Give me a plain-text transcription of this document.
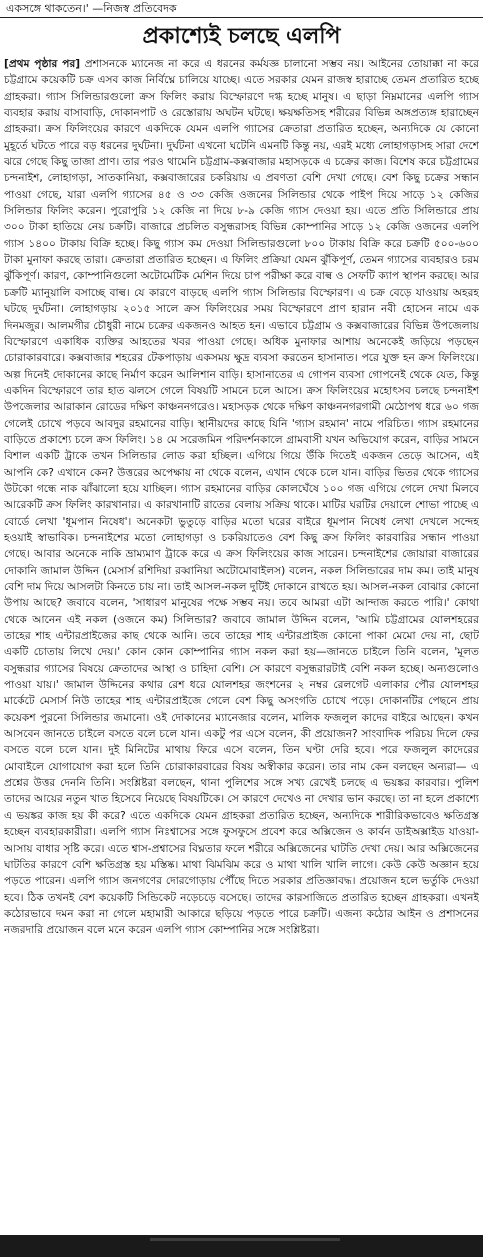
একসঙ্গে থাকতেন।' —নিজস্ব প্রতিবেদক
প্রকাশ্যেই চলছে এলপি

[প্রথম পৃষ্ঠার পর] প্রশাসনকে ম্যানেজ না করে এ ধরনের কর্মযজ্ঞ চালানো সম্ভব নয়। আইনের তোয়াক্কা না করে চট্টগ্রামে কয়েকটি চক্র এসব কাজ নির্বিঘ্নে চালিয়ে যাচ্ছে। এতে সরকার যেমন রাজস্ব হারাচ্ছে তেমন প্রতারিত হচ্ছে গ্রাহকরা। গ্যাস সিলিন্ডারগুলো ক্রস ফিলিং করায় বিস্ফোরণে দগ্ধ হচ্ছে মানুষ। এ ছাড়া নিম্নমানের এলপি গ্যাস ব্যবহার করায় বাসাবাড়ি, দোকানপাট ও রেস্তোরায় অঘটন ঘটছে। ক্ষয়ক্ষতিসহ শরীরের বিভিন্ন অঙ্গপ্রত্যঙ্গ হারাচ্ছেন গ্রাহকরা। ক্রস ফিলিংয়ের কারণে একদিকে যেমন এলপি গ্যাসের ক্রেতারা প্রতারিত হচ্ছেন, অন্যদিকে যে কোনো মুহূর্তে ঘটতে পারে বড় ধরনের দুর্ঘটনা। দুর্ঘটনা এখনো ঘটেনি এমনটি কিন্তু নয়, এরই মধ্যে লোহাগড়াসহ সারা দেশে ঝরে গেছে কিছু তাজা প্রাণ। তার পরও থামেনি চট্টগ্রাম-কক্সবাজার মহাসড়কে এ চক্রের কাজ। বিশেষ করে চট্টগ্রামের চন্দনাইশ, লোহাগড়া, সাতকানিয়া, কক্সবাজারের চকরিয়ায় এ প্রবণতা বেশি দেখা গেছে। বেশ কিছু চক্রের সন্ধান পাওয়া গেছে, যারা এলপি গ্যাসের ৪৫ ও ৩৩ কেজি ওজনের সিলিন্ডার থেকে পাইপ দিয়ে সাড়ে ১২ কেজির সিলিন্ডার ফিলিং করেন। পুরোপুরি ১২ কেজি না দিয়ে ৮-৯ কেজি গ্যাস দেওয়া হয়। এতে প্রতি সিলিন্ডারে প্রায় ৩০০ টাকা হাতিয়ে নেয় চক্রটি। বাজারে প্রচলিত বসুন্ধরাসহ বিভিন্ন কোম্পানির সাড়ে ১২ কেজি ওজনের এলপি গ্যাস ১৪০০ টাকায় বিক্রি হচ্ছে। কিছু গ্যাস কম দেওয়া সিলিন্ডারগুলো ৮০০ টাকায় বিক্রি করে চক্রটি ৫০০-৬০০ টাকা মুনাফা করছে তারা। ক্রেতারা প্রতারিত হচ্ছেন। এ ফিলিং প্রক্রিয়া যেমন ঝুঁকিপূর্ণ, তেমন গ্যাসের ব্যবহারও চরম ঝুঁকিপূর্ণ। কারণ, কোম্পানিগুলো অটোমেটিক মেশিন দিয়ে চাপ পরীক্ষা করে বাল্ব ও সেফটি ক্যাপ স্থাপন করছে। আর চক্রটি ম্যানুয়ালি বসাচ্ছে বাল্ব। যে কারণে বাড়ছে এলপি গ্যাস সিলিন্ডার বিস্ফোরণ। এ চক্র বেড়ে যাওয়ায় অহরহ ঘটছে দুর্ঘটনা। লোহাগড়ায় ২০১৫ সালে ক্রস ফিলিংয়ের সময় বিস্ফোরণে প্রাণ হারান নবী হোসেন নামে এক দিনমজুর। আলমগীর চৌধুরী নামে চক্রের একজনও আহত হন। এভাবে চট্টগ্রাম ও কক্সবাজারের বিভিন্ন উপজেলায় বিস্ফোরণে একাধিক ব্যক্তির আহতের খবর পাওয়া গেছে। অধিক মুনাফার আশায় অনেকেই জড়িয়ে পড়ছেন চোরাকারবারে। কক্সবাজার শহরের টেকপাড়ায় একসময় ক্ষুদ্র ব্যবসা করতেন হাসানাত। পরে যুক্ত হন ক্রস ফিলিংয়ে। অল্প দিনেই দোকানের কাছে নির্মাণ করেন আলিশান বাড়ি। হাসানাতের এ গোপন ব্যবসা গোপনেই থেকে যেত, কিন্তু একদিন বিস্ফোরণে তার হাত ঝলসে গেলে বিষয়টি সামনে চলে আসে। ক্রস ফিলিংয়ের মহোৎসব চলছে চন্দনাইশ উপজেলার আরাকান রোডের দক্ষিণ কাঞ্চননগরেও। মহাসড়ক থেকে দক্ষিণ কাঞ্চননগরগামী মেঠোপথ ধরে ৬০ গজ গেলেই চোখে পড়বে আবদুর রহমানের বাড়ি। স্থানীয়দের কাছে যিনি 'গ্যাস রহমান' নামে পরিচিত। গ্যাস রহমানের বাড়িতে প্রকাশ্যে চলে ক্রস ফিলিং। ১৪ মে সরেজমিন পরিদর্শনকালে গ্রামবাসী যখন অভিযোগ করেন, বাড়ির সামনে বিশাল একটি ট্রাকে তখন সিলিন্ডার লোড করা হচ্ছিল। এগিয়ে গিয়ে উঁকি দিতেই একজন তেড়ে আসেন, এই আপনি কে? এখানে কেন? উত্তরের অপেক্ষায় না থেকে বলেন, এখান থেকে চলে যান। বাড়ির ভিতর থেকে গ্যাসের উটকো গন্ধে নাক ঝাঁঝালো হয়ে যাচ্ছিল। গ্যাস রহমানের বাড়ির কোলঘেঁষে ১০০ গজ এগিয়ে গেলে দেখা মিলবে আরেকটি ক্রস ফিলিং কারখানার। এ কারখানাটি রাতের বেলায় সক্রিয় থাকে। মাটির ঘরটির দেয়ালে শোভা পাচ্ছে এ বোর্ডে লেখা 'ধূমপান নিষেধ'। অনেকটা ভুতুড়ে বাড়ির মতো ঘরের বাইরে ধূমপান নিষেধ লেখা দেখলে সন্দেহ হওয়াই স্বাভাবিক। চন্দনাইশের মতো লোহাগড়া ও চকরিয়াতেও বেশ কিছু ক্রস ফিলিং কারবারির সন্ধান পাওয়া গেছে। আবার অনেকে নাকি ভ্রাম্যমাণ ট্রাকে করে এ ক্রস ফিলিংয়ের কাজ সারেন। চন্দনাইশের জোয়ারা বাজারের দোকানি জামাল উদ্দিন (মেসার্স রশিদিয়া রব্বানিয়া অটোমোবাইলস) বলেন, নকল সিলিন্ডারের দাম কম। তাই মানুষ বেশি দাম দিয়ে আসলটা কিনতে চায় না। তাই আসল-নকল দুটিই দোকানে রাখতে হয়। আসল-নকল বোঝার কোনো উপায় আছে? জবাবে বলেন, 'সাধারণ মানুষের পক্ষে সম্ভব নয়। তবে আমরা এটা আন্দাজ করতে পারি।' কোথা থেকে আনেন এই নকল (ওজনে কম) সিলিন্ডার? জবাবে জামাল উদ্দিন বলেন, 'আমি চট্টগ্রামের যোলশহরের তাহের শাহ এন্টারপ্রাইজের কাছ থেকে আনি। তবে তাহের শাহ এন্টারপ্রাইজ কোনো পাকা মেমো দেয় না, ছোট একটি চোতায় লিখে দেয়।' কোন কোন কোম্পানির গ্যাস নকল করা হয়—জানতে চাইলে তিনি বলেন, 'মূলত বসুন্ধরার গ্যাসের বিষয়ে ক্রেতাদের আস্থা ও চাহিদা বেশি। সে কারণে বসুন্ধরারটাই বেশি নকল হচ্ছে। অন্যগুলোও পাওয়া যায়।' জামাল উদ্দিনের কথার রেশ ধরে যোলশহর জংশনের ২ নম্বর রেলগেট এলাকার পৌর যোলশহর মার্কেটে মেসার্স নিউ তাহের শাহ এন্টারপ্রাইজে গেলে বেশ কিছু অসংগতি চোখে পড়ে। দোকানটির পেছনে প্রায় কয়েকশ পুরনো সিলিন্ডার জমানো। ওই দোকানের ম্যানেজার বলেন, মালিক ফজলুল কাদের বাইরে আছেন। কখন আসবেন জানতে চাইলে বসতে বলে চলে যান। একটু পর এসে বলেন, কী প্রয়োজন? সাংবাদিক পরিচয় দিলে ফের বসতে বলে চলে যান। দুই মিনিটের মাথায় ফিরে এসে বলেন, তিন ঘণ্টা দেরি হবে। পরে ফজলুল কাদেরের মোবাইলে যোগাযোগ করা হলে তিনি চোরাকারবারের বিষয় অস্বীকার করেন। তার নাম কেন বলছেন অন্যরা— এ প্রশ্নের উত্তর দেননি তিনি। সংশ্লিষ্টরা বলছেন, থানা পুলিশের সঙ্গে সখ্য রেখেই চলছে এ ভয়ঙ্কর কারবার। পুলিশ তাদের আয়ের নতুন খাত হিসেবে নিয়েছে বিষয়টিকে। সে কারণে দেখেও না দেখার ভান করছে। তা না হলে প্রকাশ্যে এ ভয়ঙ্কর কাজ হয় কী করে? এতে একদিকে যেমন গ্রাহকরা প্রতারিত হচ্ছেন, অন্যদিকে শারীরিকভাবেও ক্ষতিগ্রস্ত হচ্ছেন ব্যবহারকারীরা। এলপি গ্যাস নিঃশ্বাসের সঙ্গে ফুসফুসে প্রবেশ করে অক্সিজেন ও কার্বন ডাইঅক্সাইড যাওয়া-আসায় বাধার সৃষ্টি করে। এতে শ্বাস-প্রশ্বাসের বিঘ্নতার ফলে শরীরে অক্সিজেনের ঘাটতি দেখা দেয়। আর অক্সিজেনের ঘাটতির কারণে বেশি ক্ষতিগ্রস্ত হয় মস্তিষ্ক। মাথা ঝিমঝিম করে ও মাথা খালি খালি লাগে। কেউ কেউ অজ্ঞান হয়ে পড়তে পারেন। এলপি গ্যাস জনগণের দোরগোড়ায় পৌঁছে দিতে সরকার প্রতিজ্ঞাবদ্ধ। প্রয়োজন হলে ভর্তুকি দেওয়া হবে। ঠিক তখনই বেশ কয়েকটি সিন্ডিকেট নড়েচড়ে বসেছে। তাদের কারসাজিতে প্রতারিত হচ্ছেন গ্রাহকরা। এখনই কঠোরভাবে দমন করা না গেলে মহামারী আকারে ছড়িয়ে পড়তে পারে চক্রটি। এজন্য কঠোর আইন ও প্রশাসনের নজরদারি প্রয়োজন বলে মনে করেন এলপি গ্যাস কোম্পানির সঙ্গে সংশ্লিষ্টরা।
